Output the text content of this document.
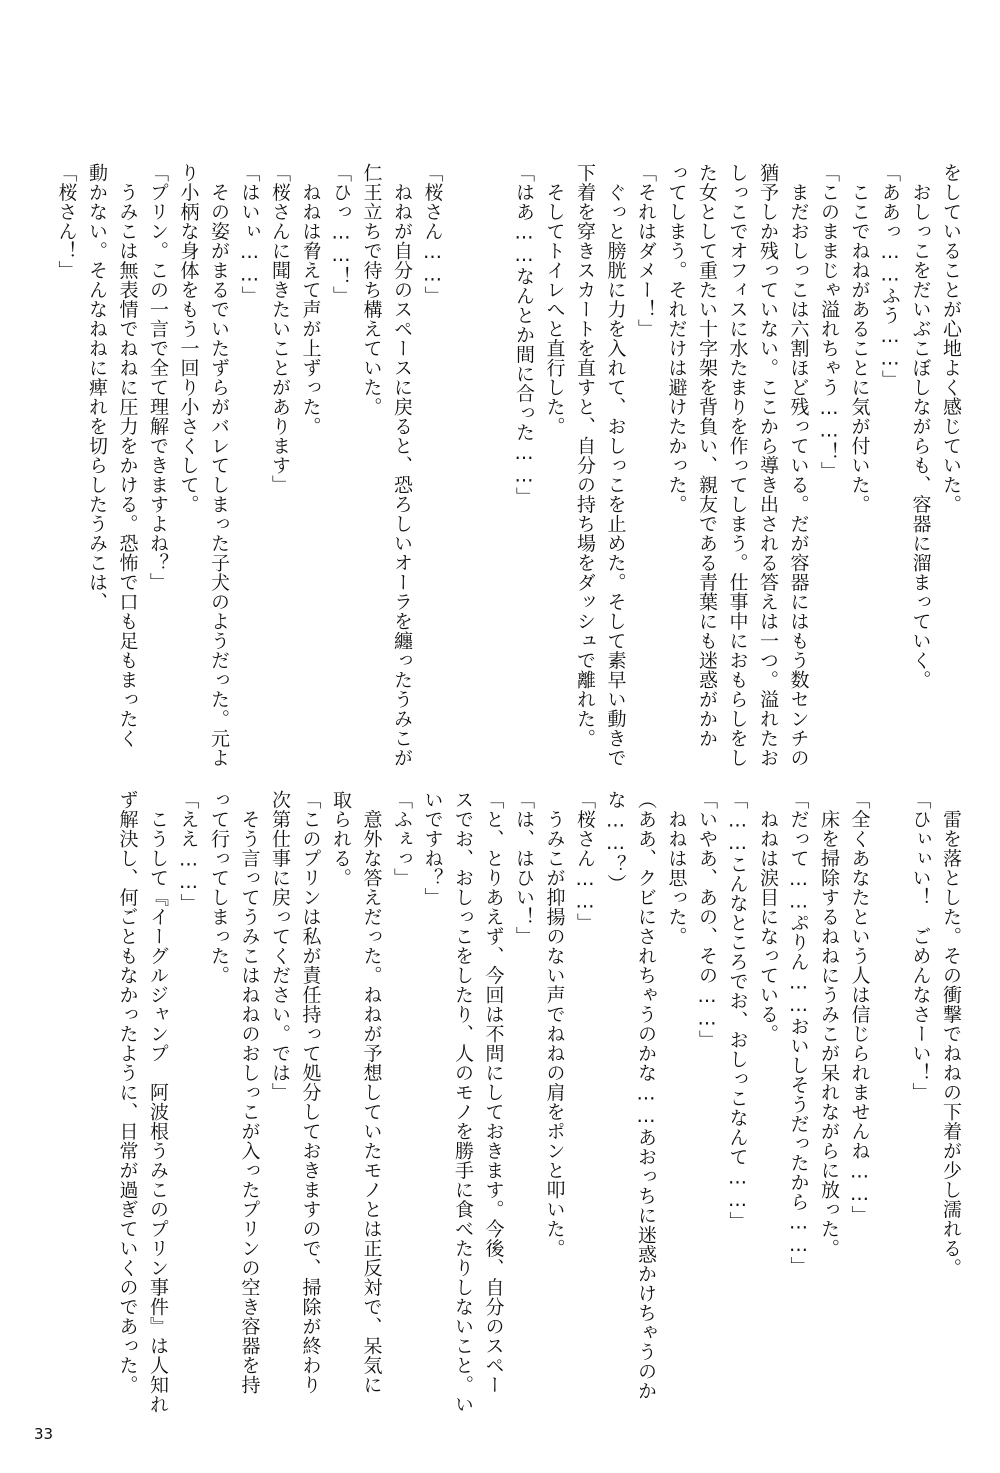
をしていることが心地よく感じていた。
　おしっこをだいぶこぼしながらも、容器に溜まっていく。
「ああっ……ふう……」
　ここでねねがあることに気が付いた。
「このままじゃ溢れちゃう……！」
　まだおしっこは六割ほど残っている。だが容器にはもう数センチの
猶予しか残っていない。ここから導き出される答えは一つ。溢れたお
しっこでオフィスに水たまりを作ってしまう。仕事中におもらしをし
た女として重たい十字架を背負い、親友である青葉にも迷惑がかか
ってしまう。それだけは避けたかった。
「それはダメー！」
　ぐっと膀胱に力を入れて、おしっこを止めた。そして素早い動きで
下着を穿きスカートを直すと、自分の持ち場をダッシュで離れた。
　そしてトイレへと直行した。
「はあ……なんとか間に合った……」

「桜さん……」
　ねねが自分のスペースに戻ると、恐ろしいオーラを纏ったうみこが
仁王立ちで待ち構えていた。
「ひっ……！」
　ねねは脅えて声が上ずった。
「桜さんに聞きたいことがあります」
「はいぃ……」
　その姿がまるでいたずらがバレてしまった子犬のようだった。元よ
り小柄な身体をもう一回り小さくして。
「プリン。この一言で全て理解できますよね？」
　うみこは無表情でねねに圧力をかける。恐怖で口も足もまったく
動かない。そんなねねに痺れを切らしたうみこは、
「桜さん！」
　雷を落とした。その衝撃でねねの下着が少し濡れる。
「ひぃぃい！　ごめんなさーい！」

「全くあなたという人は信じられませんね……」
　床を掃除するねねにうみこが呆れながらに放った。
「だって……ぷりん……おいしそうだったから……」
　ねねは涙目になっている。
「……こんなところでお、おしっこなんて……」
「いやあ、あの、その……」
　ねねは思った。
（ああ、クビにされちゃうのかな……あおっちに迷惑かけちゃうのか
な……？）
「桜さん……」
　うみこが抑揚のない声でねねの肩をポンと叩いた。
「は、はひい！」
「と、とりあえず、今回は不問にしておきます。今後、自分のスペー
スでお、おしっこをしたり、人のモノを勝手に食べたりしないこと。い
いですね？」
「ふぇっ」
　意外な答えだった。ねねが予想していたモノとは正反対で、呆気に
取られる。
「このプリンは私が責任持って処分しておきますので、掃除が終わり
次第仕事に戻ってください。では」
　そう言ってうみこはねねのおしっこが入ったプリンの空き容器を持
って行ってしまった。
「ええ……」
　こうして『イーグルジャンプ　阿波根うみこのプリン事件』は人知れ
ず解決し、何ごともなかったように、日常が過ぎていくのであった。
33
